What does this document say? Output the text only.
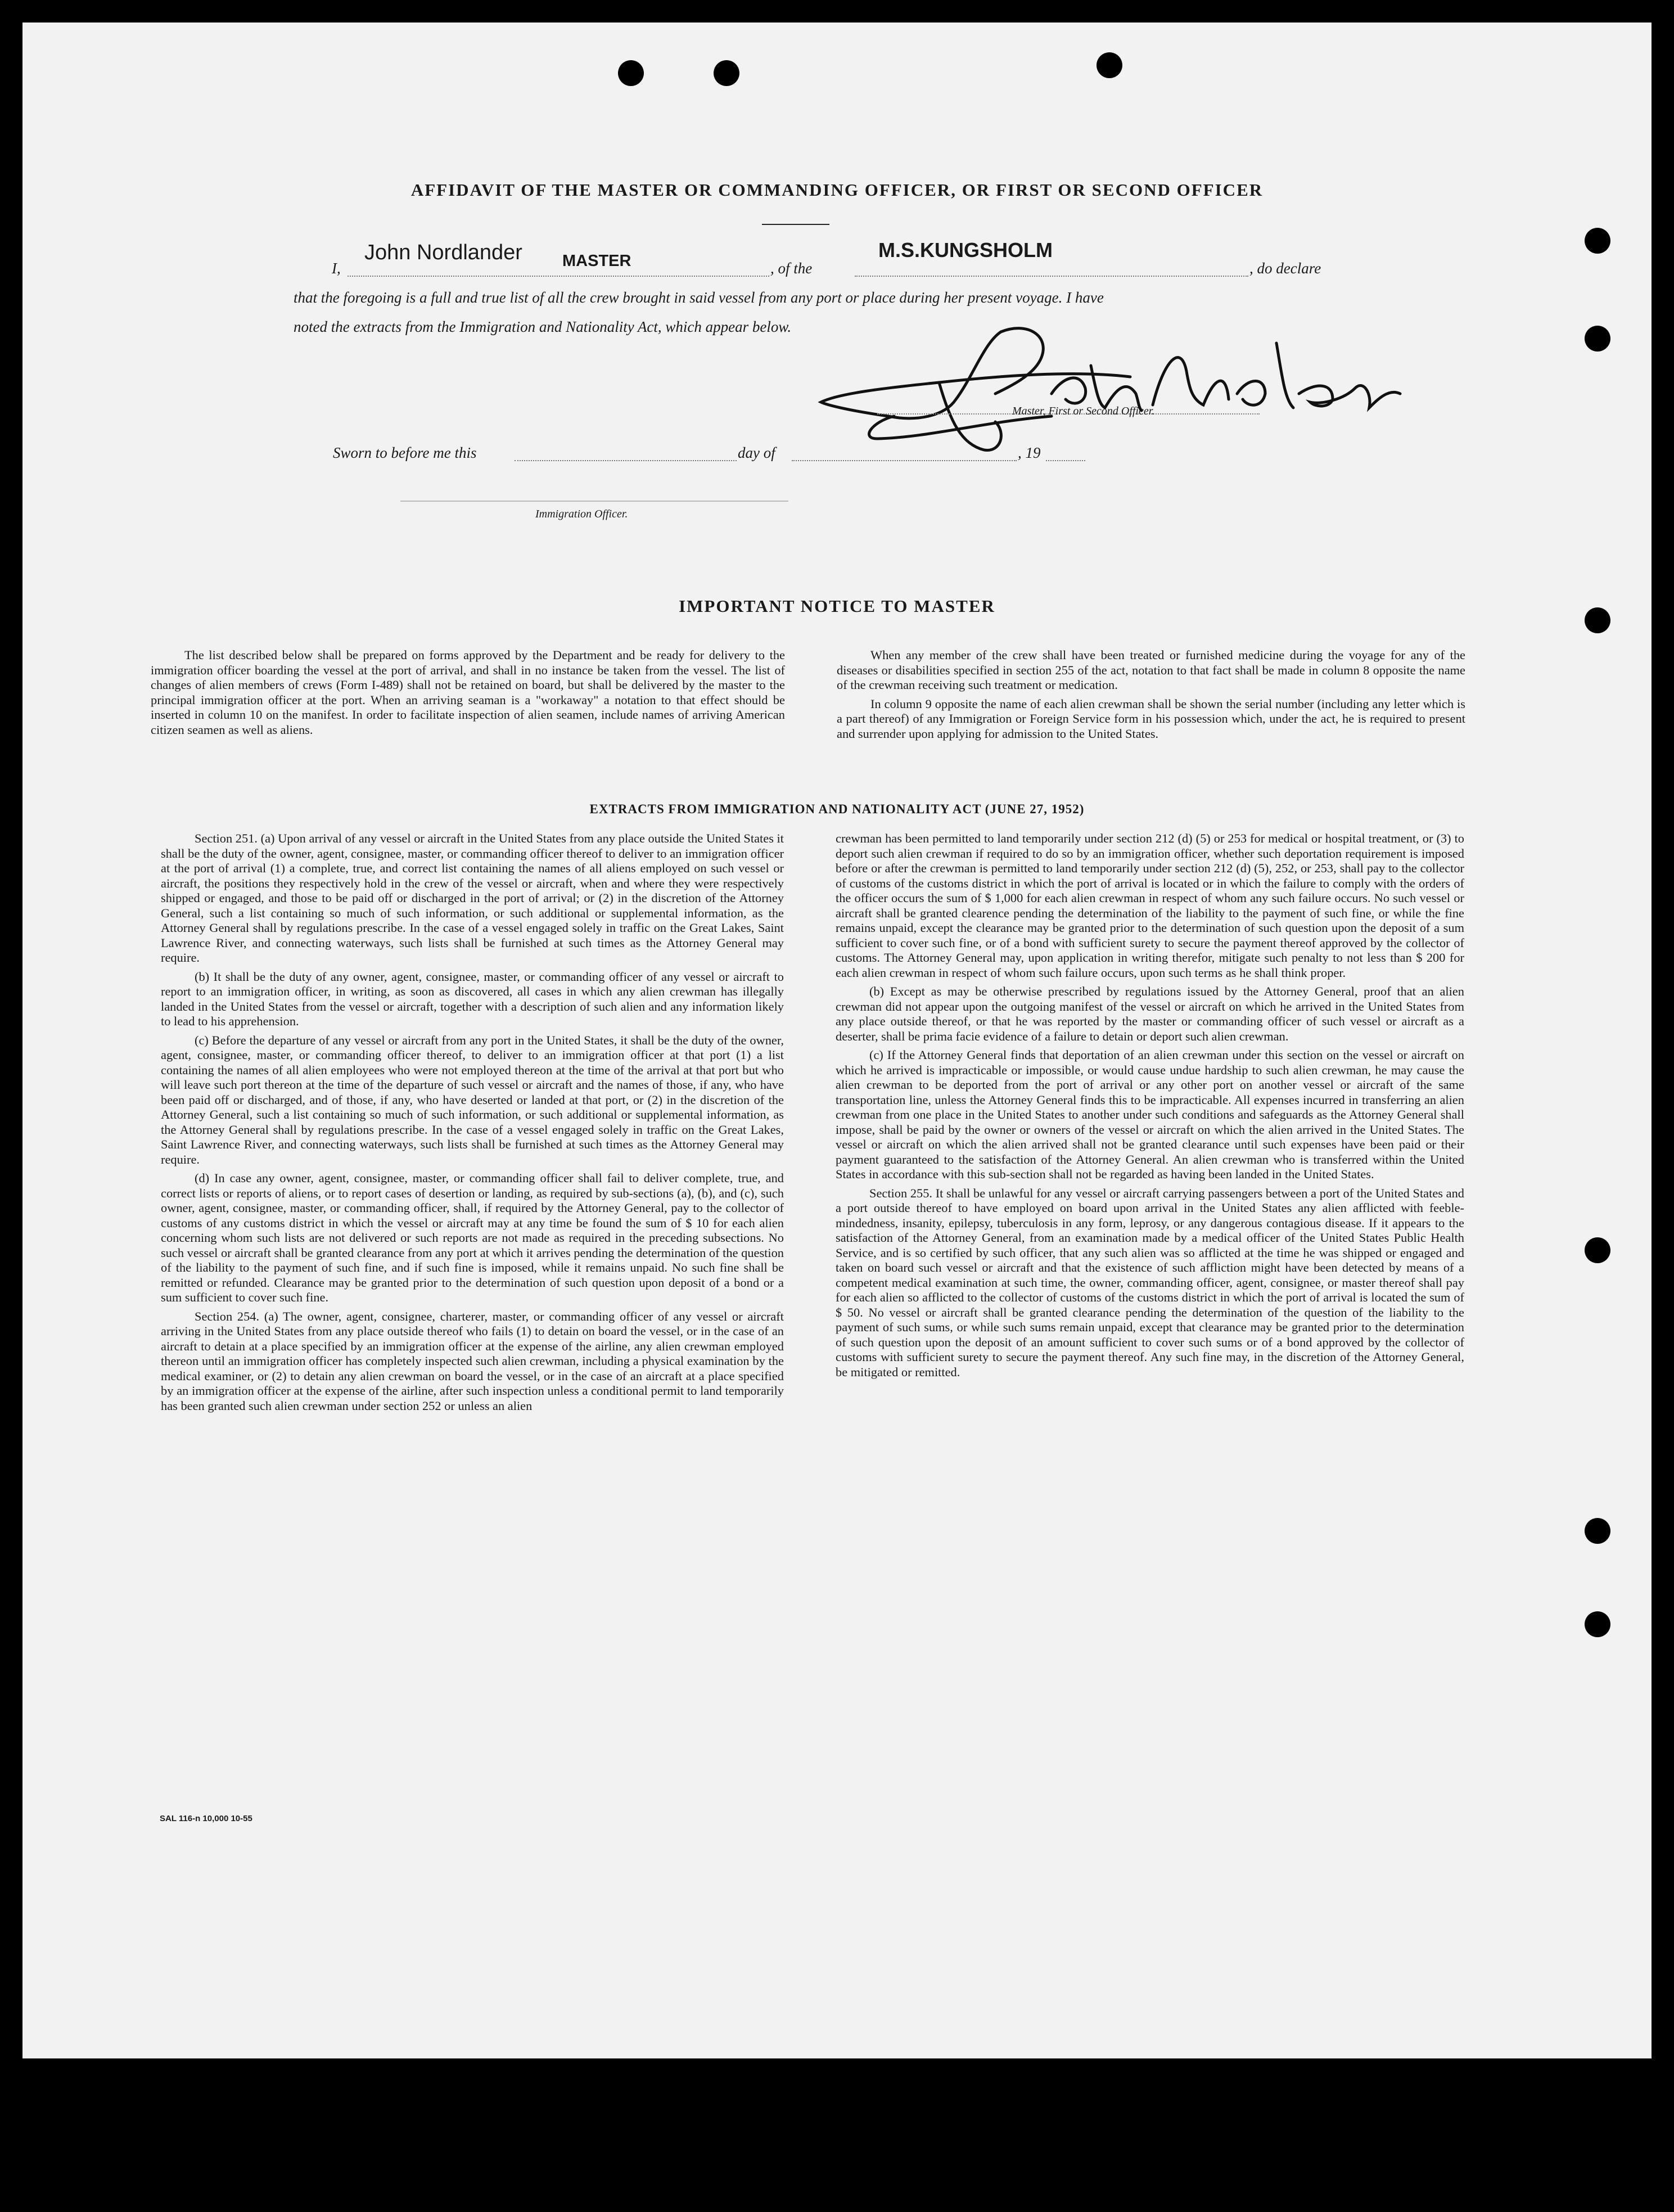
AFFIDAVIT OF THE MASTER OR COMMANDING OFFICER, OR FIRST OR SECOND OFFICER
I,
John Nordlander MASTER	, of the
M.S.KUNGSHOLM
, do declare
that the foregoing is a full and true list of all the crew brought in said vessel from any port or place during her present voyage. I have
noted the extracts from the Immigration and Nationality Act, which appear below.
Master, First or Second Officer.
Sworn to before me this	day of	, 19
Immigration Officer.
IMPORTANT NOTICE TO MASTER

The list described below shall be prepared on forms approved by the Department and be ready for delivery to the immigration officer boarding the vessel at the port of arrival, and shall in no instance be taken from the vessel. The list of changes of alien members of crews (Form I-489) shall not be retained on board, but shall be delivered by the master to the principal immigration officer at the port. When an arriving seaman is a "workaway" a notation to that effect should be inserted in column 10 on the manifest. In order to facilitate inspection of alien seamen, include names of arriving American citizen seamen as well as aliens.

When any member of the crew shall have been treated or furnished medicine during the voyage for any of the diseases or disabilities specified in section 255 of the act, notation to that fact shall be made in column 8 opposite the name of the crewman receiving such treatment or medication.

In column 9 opposite the name of each alien crewman shall be shown the serial number (including any letter which is a part thereof) of any Immigration or Foreign Service form in his possession which, under the act, he is required to present and surrender upon applying for admission to the United States.

EXTRACTS FROM IMMIGRATION AND NATIONALITY ACT (JUNE 27, 1952)

Section 251. (a) Upon arrival of any vessel or aircraft in the United States from any place outside the United States it shall be the duty of the owner, agent, consignee, master, or commanding officer thereof to deliver to an immigration officer at the port of arrival (1) a complete, true, and correct list containing the names of all aliens employed on such vessel or aircraft, the positions they respectively hold in the crew of the vessel or aircraft, when and where they were respectively shipped or engaged, and those to be paid off or discharged in the port of arrival; or (2) in the discretion of the Attorney General, such a list containing so much of such information, or such additional or supplemental information, as the Attorney General shall by regulations prescribe. In the case of a vessel engaged solely in traffic on the Great Lakes, Saint Lawrence River, and connecting waterways, such lists shall be furnished at such times as the Attorney General may require.

(b) It shall be the duty of any owner, agent, consignee, master, or commanding officer of any vessel or aircraft to report to an immigration officer, in writing, as soon as discovered, all cases in which any alien crewman has illegally landed in the United States from the vessel or aircraft, together with a description of such alien and any information likely to lead to his apprehension.

(c) Before the departure of any vessel or aircraft from any port in the United States, it shall be the duty of the owner, agent, consignee, master, or commanding officer thereof, to deliver to an immigration officer at that port (1) a list containing the names of all alien employees who were not employed thereon at the time of the arrival at that port but who will leave such port thereon at the time of the departure of such vessel or aircraft and the names of those, if any, who have been paid off or discharged, and of those, if any, who have deserted or landed at that port, or (2) in the discretion of the Attorney General, such a list containing so much of such information, or such additional or supplemental information, as the Attorney General shall by regulations prescribe. In the case of a vessel engaged solely in traffic on the Great Lakes, Saint Lawrence River, and connecting waterways, such lists shall be furnished at such times as the Attorney General may require.

(d) In case any owner, agent, consignee, master, or commanding officer shall fail to deliver complete, true, and correct lists or reports of aliens, or to report cases of desertion or landing, as required by sub-sections (a), (b), and (c), such owner, agent, consignee, master, or commanding officer, shall, if required by the Attorney General, pay to the collector of customs of any customs district in which the vessel or aircraft may at any time be found the sum of $ 10 for each alien concerning whom such lists are not delivered or such reports are not made as required in the preceding subsections. No such vessel or aircraft shall be granted clearance from any port at which it arrives pending the determination of the question of the liability to the payment of such fine, and if such fine is imposed, while it remains unpaid. No such fine shall be remitted or refunded. Clearance may be granted prior to the determination of such question upon deposit of a bond or a sum sufficient to cover such fine.

Section 254. (a) The owner, agent, consignee, charterer, master, or commanding officer of any vessel or aircraft arriving in the United States from any place outside thereof who fails (1) to detain on board the vessel, or in the case of an aircraft to detain at a place specified by an immigration officer at the expense of the airline, any alien crewman employed thereon until an immigration officer has completely inspected such alien crewman, including a physical examination by the medical examiner, or (2) to detain any alien crewman on board the vessel, or in the case of an aircraft at a place specified by an immigration officer at the expense of the airline, after such inspection unless a conditional permit to land temporarily has been granted such alien crewman under section 252 or unless an alien

crewman has been permitted to land temporarily under section 212 (d) (5) or 253 for medical or hospital treatment, or (3) to deport such alien crewman if required to do so by an immigration officer, whether such deportation requirement is imposed before or after the crewman is permitted to land temporarily under section 212 (d) (5), 252, or 253, shall pay to the collector of customs of the customs district in which the port of arrival is located or in which the failure to comply with the orders of the officer occurs the sum of $ 1,000 for each alien crewman in respect of whom any such failure occurs. No such vessel or aircraft shall be granted clearence pending the determination of the liability to the payment of such fine, or while the fine remains unpaid, except the clearance may be granted prior to the determination of such question upon the deposit of a sum sufficient to cover such fine, or of a bond with sufficient surety to secure the payment thereof approved by the collector of customs. The Attorney General may, upon application in writing therefor, mitigate such penalty to not less than $ 200 for each alien crewman in respect of whom such failure occurs, upon such terms as he shall think proper.

(b) Except as may be otherwise prescribed by regulations issued by the Attorney General, proof that an alien crewman did not appear upon the outgoing manifest of the vessel or aircraft on which he arrived in the United States from any place outside thereof, or that he was reported by the master or commanding officer of such vessel or aircraft as a deserter, shall be prima facie evidence of a failure to detain or deport such alien crewman.

(c) If the Attorney General finds that deportation of an alien crewman under this section on the vessel or aircraft on which he arrived is impracticable or impossible, or would cause undue hardship to such alien crewman, he may cause the alien crewman to be deported from the port of arrival or any other port on another vessel or aircraft of the same transportation line, unless the Attorney General finds this to be impracticable. All expenses incurred in transferring an alien crewman from one place in the United States to another under such conditions and safeguards as the Attorney General shall impose, shall be paid by the owner or owners of the vessel or aircraft on which the alien arrived in the United States. The vessel or aircraft on which the alien arrived shall not be granted clearance until such expenses have been paid or their payment guaranteed to the satisfaction of the Attorney General. An alien crewman who is transferred within the United States in accordance with this sub-section shall not be regarded as having been landed in the United States.

Section 255. It shall be unlawful for any vessel or aircraft carrying passengers between a port of the United States and a port outside thereof to have employed on board upon arrival in the United States any alien afflicted with feeble-mindedness, insanity, epilepsy, tuberculosis in any form, leprosy, or any dangerous contagious disease. If it appears to the satisfaction of the Attorney General, from an examination made by a medical officer of the United States Public Health Service, and is so certified by such officer, that any such alien was so afflicted at the time he was shipped or engaged and taken on board such vessel or aircraft and that the existence of such affliction might have been detected by means of a competent medical examination at such time, the owner, commanding officer, agent, consignee, or master thereof shall pay for each alien so afflicted to the collector of customs of the customs district in which the port of arrival is located the sum of $ 50. No vessel or aircraft shall be granted clearance pending the determination of the question of the liability to the payment of such sums, or while such sums remain unpaid, except that clearance may be granted prior to the determination of such question upon the deposit of an amount sufficient to cover such sums or of a bond approved by the collector of customs with sufficient surety to secure the payment thereof. Any such fine may, in the discretion of the Attorney General, be mitigated or remitted.

SAL 116-n 10,000 10-55
